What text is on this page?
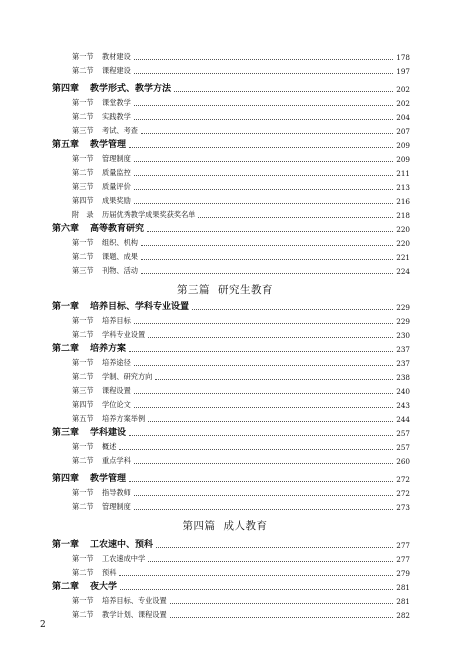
第一节	教材建设	178
第二节	课程建设	197
第四章	教学形式、教学方法	202
第一节	课堂教学	202
第二节	实践教学	204
第三节	考试、考查	207
第五章	教学管理	209
第一节	管理制度	209
第二节	质量监控	211
第三节	质量评价	213
第四节	成果奖励	216
附　录	历届优秀教学成果奖获奖名单	218
第六章	高等教育研究	220
第一节	组织、机构	220
第二节	课题、成果	221
第三节	刊物、活动	224
第三篇 研究生教育
第一章	培养目标、学科专业设置	229
第一节	培养目标	229
第二节	学科专业设置	230
第二章	培养方案	237
第一节	培养途径	237
第二节	学制、研究方向	238
第三节	课程设置	240
第四节	学位论文	243
第五节	培养方案举例	244
第三章	学科建设	257
第一节	概述	257
第二节	重点学科	260
第四章	教学管理	272
第一节	指导教师	272
第二节	管理制度	273
第四篇 成人教育
第一章	工农速中、预科	277
第一节	工农速成中学	277
第二节	预科	279
第二章	夜大学	281
第一节	培养目标、专业设置	281
第二节	教学计划、课程设置	282
2
